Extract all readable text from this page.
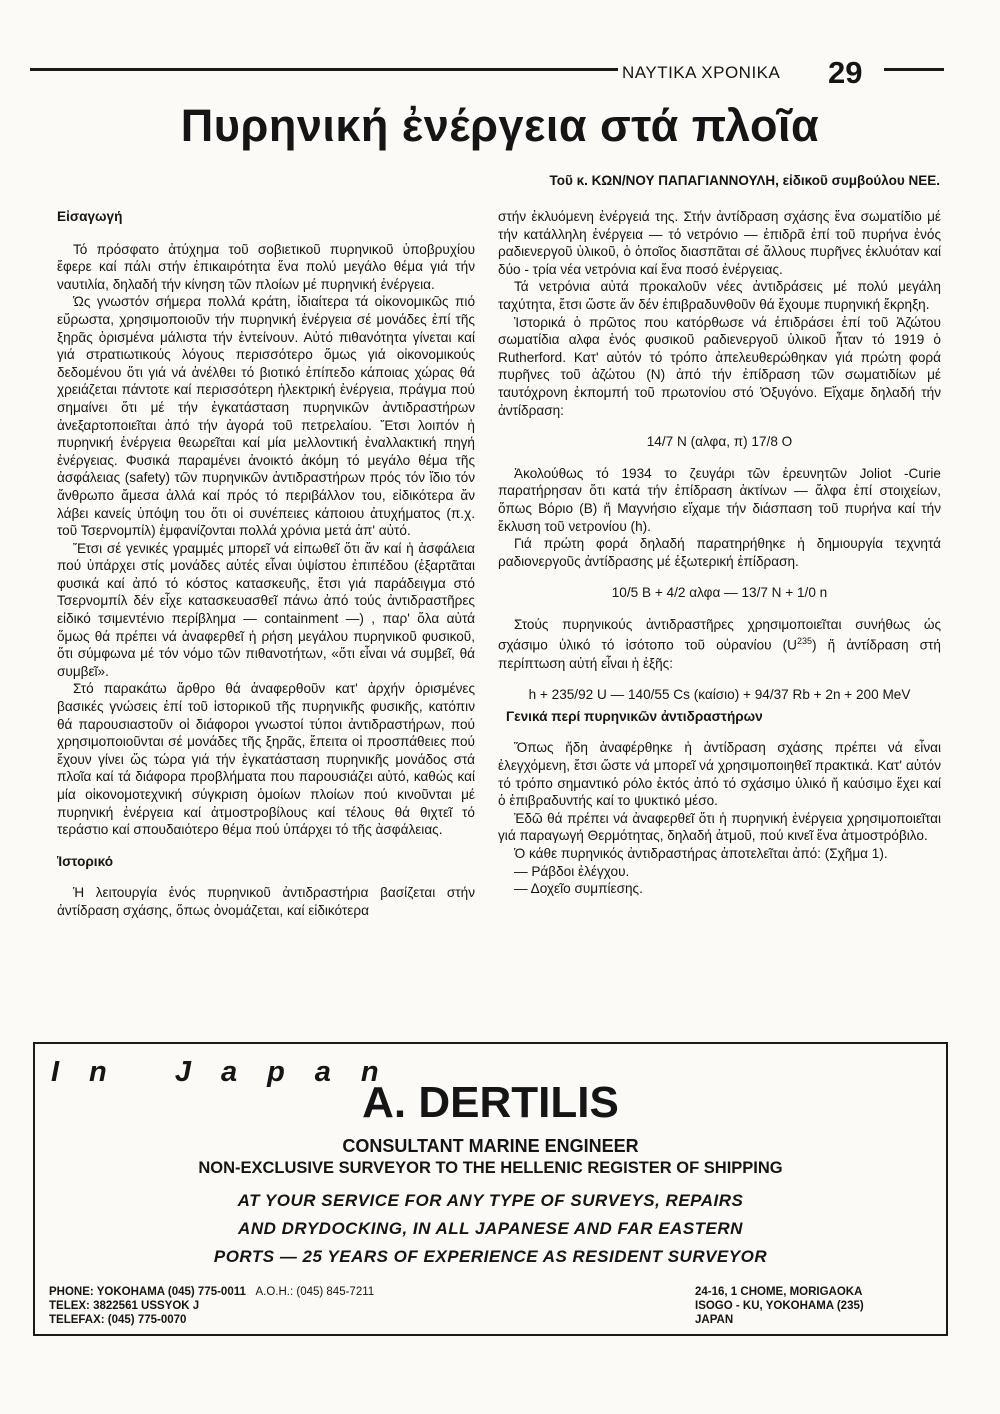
ΝΑΥΤΙΚΑ ΧΡΟΝΙΚΑ 29
Πυρηνική ἐνέργεια στά πλοῖα
Τοῦ κ. ΚΩΝ/ΝΟΥ ΠΑΠΑΓΙΑΝΝΟΥΛΗ, εἰδικοῦ συμβούλου ΝΕΕ.
Εἰσαγωγή

Τό πρόσφατο ἀτύχημα τοῦ σοβιετικοῦ πυρηνικοῦ ὑποβρυχίου ἔφερε καί πάλι στήν ἐπικαιρότητα ἕνα πολύ μεγάλο θέμα γιά τήν ναυτιλία, δηλαδή τήν κίνηση τῶν πλοίων μέ πυρηνική ἐνέργεια.

Ὡς γνωστόν σήμερα πολλά κράτη, ἰδιαίτερα τά οἰκονομικῶς πιό εὔρωστα, χρησιμοποιοῦν τήν πυρηνική ἐνέργεια σέ μονάδες ἐπί τῆς ξηρᾶς ὁρισμένα μάλιστα τήν ἐντείνουν. Αὐτό πιθανότητα γίνεται καί γιά στρατιωτικούς λόγους περισσότερο ὅμως γιά οἰκονομικούς δεδομένου ὅτι γιά νά ἀνέλθει τό βιοτικό ἐπίπεδο κάποιας χώρας θά χρειάζεται πάντοτε καί περισσότερη ἠλεκτρική ἐνέργεια, πράγμα πού σημαίνει ὅτι μέ τήν ἐγκατάσταση πυρηνικῶν ἀντιδραστήρων ἀνεξαρτοποιεῖται ἀπό τήν ἀγορά τοῦ πετρελαίου. Ἔτσι λοιπόν ἡ πυρηνική ἐνέργεια θεωρεῖται καί μία μελλοντική ἐναλλακτική πηγή ἐνέργειας. Φυσικά παραμένει ἀνοικτό ἀκόμη τό μεγάλο θέμα τῆς ἀσφάλειας (safety) τῶν πυρηνικῶν ἀντιδραστήρων πρός τόν ἴδιο τόν ἄνθρωπο ἄμεσα ἀλλά καί πρός τό περιβάλλον του, εἰδικότερα ἄν λάβει κανείς ὑπόψη του ὅτι οἱ συνέπειες κάποιου ἀτυχήματος (π.χ. τοῦ Τσερνομπίλ) ἐμφανίζονται πολλά χρόνια μετά ἀπ' αὐτό.

Ἔτσι σέ γενικές γραμμές μπορεῖ νά εἰπωθεῖ ὅτι ἄν καί ἡ ἀσφάλεια πού ὑπάρχει στίς μονάδες αὐτές εἶναι ὑψίστου ἐπιπέδου (ἐξαρτᾶται φυσικά καί ἀπό τό κόστος κατασκευῆς, ἔτσι γιά παράδειγμα στό Τσερνομπίλ δέν εἶχε κατασκευασθεῖ πάνω ἀπό τούς ἀντιδραστῆρες εἰδικό τσιμεντένιο περίβλημα — containment —) , παρ' ὅλα αὐτά ὅμως θά πρέπει νά ἀναφερθεῖ ἡ ρήση μεγάλου πυρηνικοῦ φυσικοῦ, ὅτι σύμφωνα μέ τόν νόμο τῶν πιθανοτήτων, «ὅτι εἶναι νά συμβεῖ, θά συμβεῖ».

Στό παρακάτω ἄρθρο θά ἀναφερθοῦν κατ' ἀρχήν ὁρισμένες βασικές γνώσεις ἐπί τοῦ ἱστορικοῦ τῆς πυρηνικῆς φυσικῆς, κατόπιν θά παρουσιαστοῦν οἱ διάφοροι γνωστοί τύποι ἀντιδραστήρων, πού χρησιμοποιοῦνται σέ μονάδες τῆς ξηρᾶς, ἔπειτα οἱ προσπάθειες πού ἔχουν γίνει ὥς τώρα γιά τήν ἐγκατάσταση πυρηνικῆς μονάδος στά πλοῖα καί τά διάφορα προβλήματα που παρουσιάζει αὐτό, καθώς καί μία οἰκονομοτεχνική σύγκριση ὁμοίων πλοίων πού κινοῦνται μέ πυρηνική ἐνέργεια καί ἀτμοστροβίλους καί τέλους θά θιχτεῖ τό τεράστιο καί σπουδαιότερο θέμα πού ὑπάρχει τό τῆς ἀσφάλειας.

Ἱστορικό

Ἡ λειτουργία ἑνός πυρηνικοῦ ἀντιδραστήρια βασίζεται στήν ἀντίδραση σχάσης, ὅπως ὀνομάζεται, καί εἰδικότερα

στήν ἐκλυόμενη ἐνέργειά της. Στήν ἀντίδραση σχάσης ἕνα σωματίδιο μέ τήν κατάλληλη ἐνέργεια — τό νετρόνιο — ἐπιδρᾶ ἐπί τοῦ πυρήνα ἑνός ραδιενεργοῦ ὑλικοῦ, ὁ ὁποῖος διασπᾶται σέ ἄλλους πυρῆνες ἐκλυόταν καί δύο - τρία νέα νετρόνια καί ἕνα ποσό ἐνέργειας.

Τά νετρόνια αὐτά προκαλοῦν νέες ἀντιδράσεις μέ πολύ μεγάλη ταχύτητα, ἔτσι ὥστε ἄν δέν ἐπιβραδυνθοῦν θά ἔχουμε πυρηνική ἔκρηξη.

Ἱστορικά ὁ πρῶτος που κατόρθωσε νά ἐπιδράσει ἐπί τοῦ Ἀζώτου σωματίδια αλφα ἑνός φυσικοῦ ραδιενεργοῦ ὑλικοῦ ἦταν τό 1919 ὁ Rutherford. Κατ' αὐτόν τό τρόπο ἀπελευθερώθηκαν γιά πρώτη φορά πυρῆνες τοῦ ἀζώτου (N) ἀπό τήν ἐπίδραση τῶν σωματιδίων μέ ταυτόχρονη ἐκπομπή τοῦ πρωτονίου στό Ὀξυγόνο. Εἴχαμε δηλαδή τήν ἀντίδραση:

14/7 N (αλφα, π) 17/8 O

Ἀκολούθως τό 1934 το ζευγάρι τῶν ἐρευνητῶν Joliot -Curie παρατήρησαν ὅτι κατά τήν ἐπίδραση ἀκτίνων — ἄλφα ἐπί στοιχείων, ὅπως Βόριο (B) ἤ Μαγνήσιο εἴχαμε τήν διάσπαση τοῦ πυρήνα καί τήν ἔκλυση τοῦ νετρονίου (h).

Γιά πρώτη φορά δηλαδή παρατηρήθηκε ἡ δημιουργία τεχνητά ραδιονεργοῦς ἀντίδρασης μέ ἐξωτερική ἐπίδραση.

10/5 B + 4/2 αλφα — 13/7 N + 1/0 n

Στούς πυρηνικούς ἀντιδραστῆρες χρησιμοποιεῖται συνήθως ὡς σχάσιμο ὑλικό τό ἰσότοπο τοῦ οὐρανίου $(U^{235})$ ἤ ἀντίδραση στή περίπτωση αὐτή εἶναι ἡ ἑξῆς:

h + 235/92 U — 140/55 Cs (καίσιο) + 94/37 Rb + 2n + 200 MeV
Γενικά περί πυρηνικῶν ἀντιδραστήρων

Ὅπως ἤδη ἀναφέρθηκε ἡ ἀντίδραση σχάσης πρέπει νά εἶναι ἐλεγχόμενη, ἔτσι ὥστε νά μπορεῖ νά χρησιμοποιηθεῖ πρακτικά. Κατ' αὐτόν τό τρόπο σημαντικό ρόλο ἐκτός ἀπό τό σχάσιμο ὑλικό ἤ καύσιμο ἔχει καί ὁ ἐπιβραδυντής καί το ψυκτικό μέσο.

Ἐδῶ θά πρέπει νά ἀναφερθεῖ ὅτι ἡ πυρηνική ἐνέργεια χρησιμοποιεῖται γιά παραγωγή Θερμότητας, δηλαδή ἀτμοῦ, πού κινεῖ ἕνα ἀτμοστρόβιλο.

Ὁ κάθε πυρηνικός ἀντιδραστήρας ἀποτελεῖται ἀπό: (Σχῆμα 1).

— Ράβδοι ἐλέγχου.

— Δοχεῖο συμπίεσης.

In Japan
A. DERTILIS
CONSULTANT MARINE ENGINEER
NON-EXCLUSIVE SURVEYOR TO THE HELLENIC REGISTER OF SHIPPING
AT YOUR SERVICE FOR ANY TYPE OF SURVEYS, REPAIRS
AND DRYDOCKING, IN ALL JAPANESE AND FAR EASTERN
PORTS — 25 YEARS OF EXPERIENCE AS RESIDENT SURVEYOR
PHONE: YOKOHAMA (045) 775-0011 A.O.H.: (045) 845-7211
TELEX: 3822561 USSYOK J
TELEFAX: (045) 775-0070
24-16, 1 CHOME, MORIGAOKA
ISOGO - KU, YOKOHAMA (235)
JAPAN
